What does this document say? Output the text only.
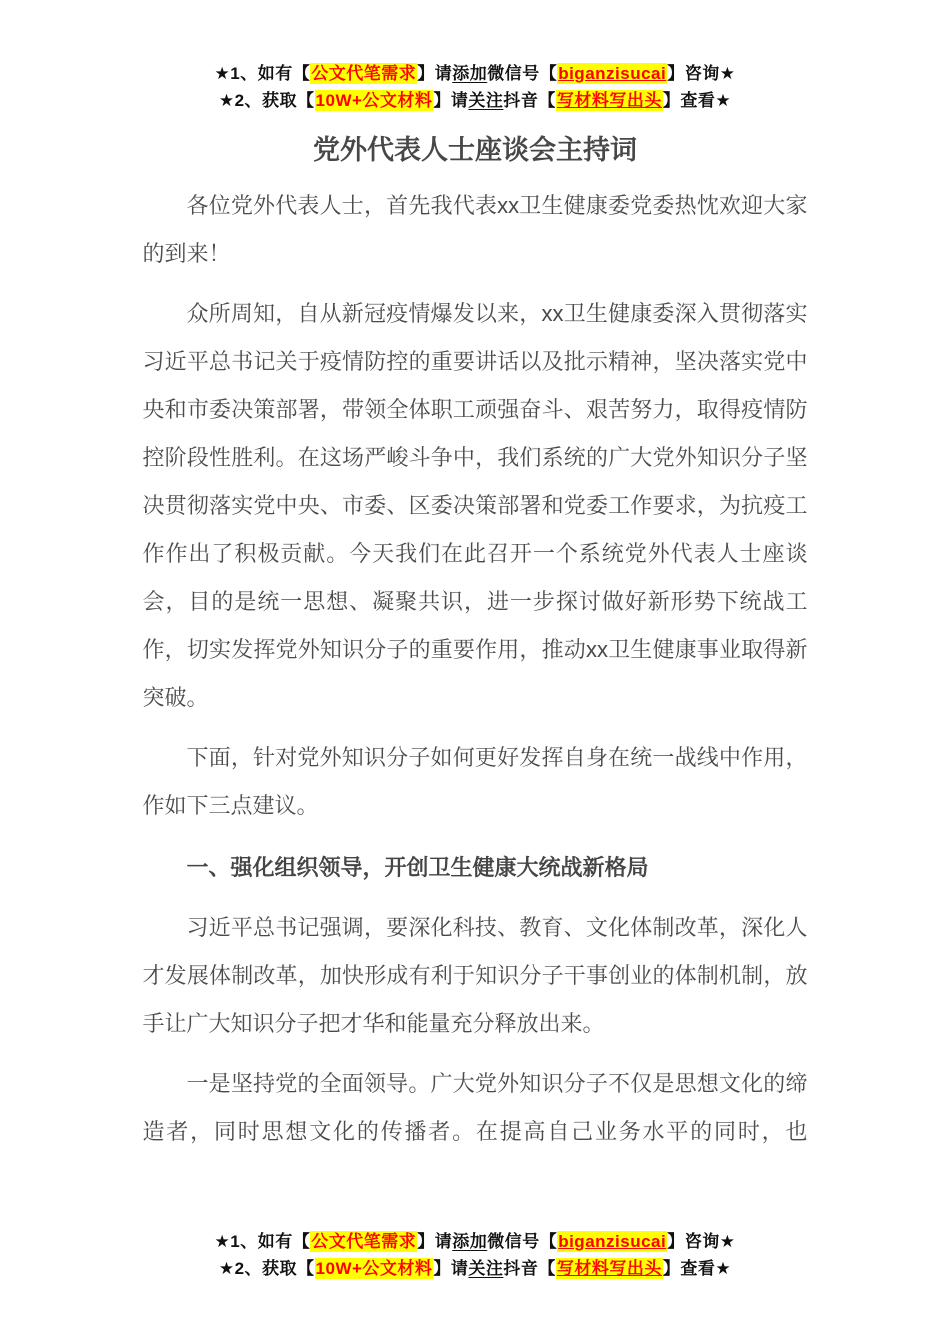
★1、如有【公文代笔需求】请添加微信号【biganzisucai】咨询★
★2、获取【10W+公文材料】请关注抖音【写材料写出头】查看★
党外代表人士座谈会主持词

各位党外代表人士，首先我代表xx卫生健康委党委热忱欢迎大家的到来！

众所周知，自从新冠疫情爆发以来，xx卫生健康委深入贯彻落实习近平总书记关于疫情防控的重要讲话以及批示精神，坚决落实党中央和市委决策部署，带领全体职工顽强奋斗、艰苦努力，取得疫情防控阶段性胜利。在这场严峻斗争中，我们系统的广大党外知识分子坚决贯彻落实党中央、市委、区委决策部署和党委工作要求，为抗疫工作作出了积极贡献。今天我们在此召开一个系统党外代表人士座谈会，目的是统一思想、凝聚共识，进一步探讨做好新形势下统战工作，切实发挥党外知识分子的重要作用，推动xx卫生健康事业取得新突破。

下面，针对党外知识分子如何更好发挥自身在统一战线中作用，作如下三点建议。

一、强化组织领导，开创卫生健康大统战新格局

习近平总书记强调，要深化科技、教育、文化体制改革，深化人才发展体制改革，加快形成有利于知识分子干事创业的体制机制，放手让广大知识分子把才华和能量充分释放出来。

一是坚持党的全面领导。广大党外知识分子不仅是思想文化的缔造者，同时思想文化的传播者。在提高自己业务水平的同时，也

★1、如有【公文代笔需求】请添加微信号【biganzisucai】咨询★
★2、获取【10W+公文材料】请关注抖音【写材料写出头】查看★
